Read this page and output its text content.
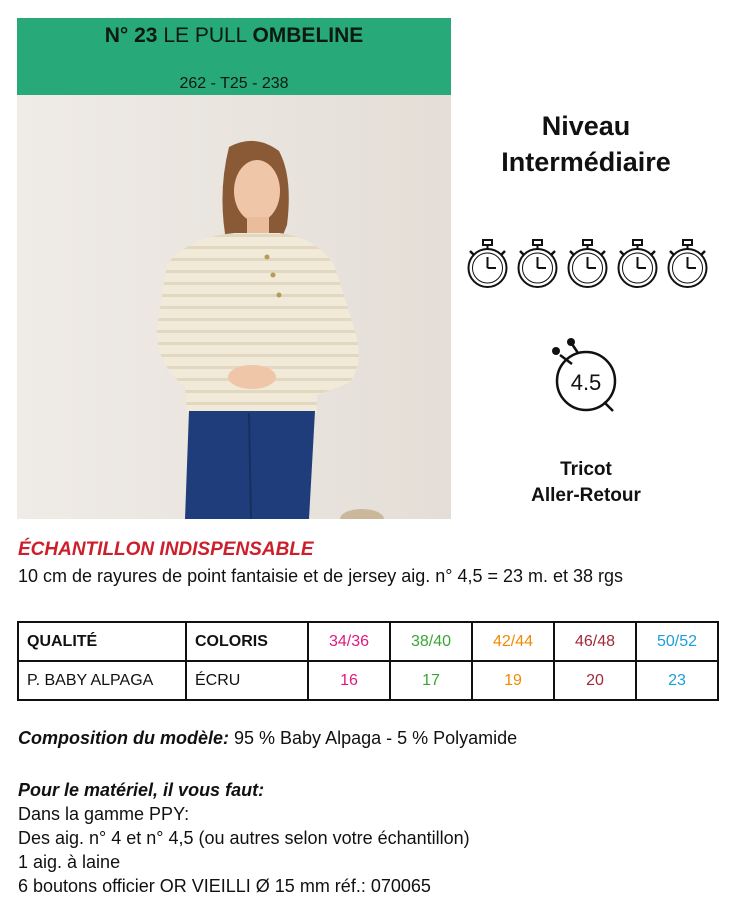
N° 23 LE PULL OMBELINE
262 - T25 - 238
Niveau
Intermédiaire
4.5
Tricot
Aller-Retour
ÉCHANTILLON INDISPENSABLE
10 cm de rayures de point fantaisie et de jersey aig. n° 4,5 = 23 m. et 38 rgs
QUALITÉ	COLORIS	34/36	38/40	42/44	46/48	50/52
P. BABY ALPAGA	ÉCRU	16	17	19	20	23
Composition du modèle: 95 % Baby Alpaga - 5 % Polyamide
Pour le matériel, il vous faut:
Dans la gamme PPY:
Des aig. n° 4 et n° 4,5 (ou autres selon votre échantillon)
1 aig. à laine
6 boutons officier OR VIEILLI Ø 15 mm réf.: 070065
